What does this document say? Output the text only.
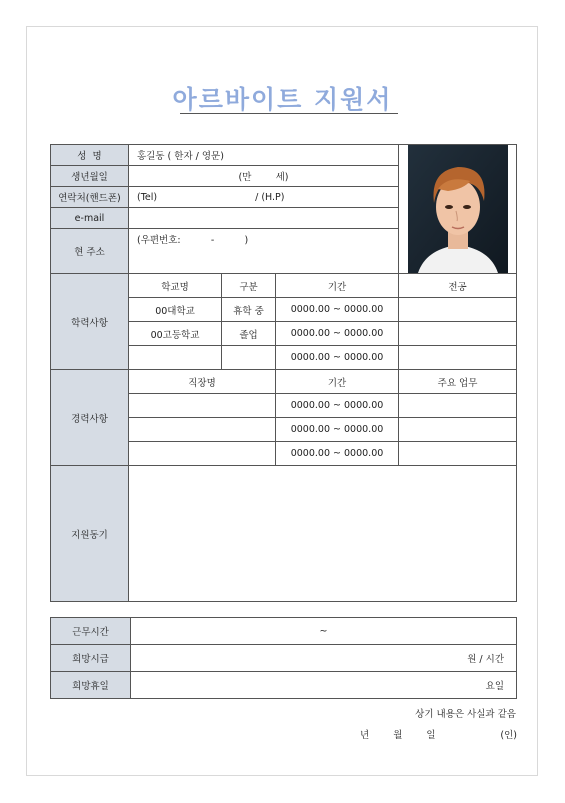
아르바이트 지원서
성  명	홍길동 ( 한자 / 영문)	

생년월일	(만        세)			
연락처(핸드폰)	(Tel) / (H.P)			
e-mail				
현 주소	(우편번호:          -          )			

학력사항	학교명	구분	기간	전공
	00대학교	휴학 중	0000.00 ~ 0000.00	
	00고등학교	졸업	0000.00 ~ 0000.00	
			0000.00 ~ 0000.00	
경력사항	직장명		기간	주요 업무
			0000.00 ~ 0000.00	
			0000.00 ~ 0000.00	
			0000.00 ~ 0000.00	
지원동기				
근무시간	~
희망시급	원 / 시간
희망휴일	요일
상기 내용은 사실과 같음
년	월	일	(인)
